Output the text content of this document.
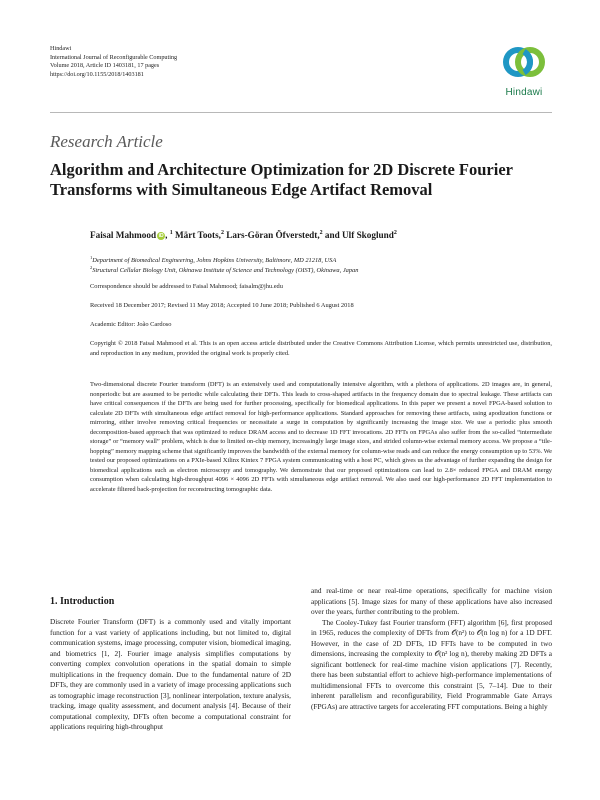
Hindawi
International Journal of Reconfigurable Computing
Volume 2018, Article ID 1403181, 17 pages
https://doi.org/10.1155/2018/1403181
Hindawi
Research Article
Algorithm and Architecture Optimization for 2D Discrete Fourier Transforms with Simultaneous Edge Artifact Removal
Faisal Mahmood iD , $^1$ Märt Toots,$^2$ Lars-Göran Öfverstedt,$^2$ and Ulf Skoglund$^2$
$^1$Department of Biomedical Engineering, Johns Hopkins University, Baltimore, MD 21218, USA
$^2$Structural Cellular Biology Unit, Okinawa Institute of Science and Technology (OIST), Okinawa, Japan
Correspondence should be addressed to Faisal Mahmood; faisalm@jhu.edu
Received 18 December 2017; Revised 11 May 2018; Accepted 10 June 2018; Published 6 August 2018
Academic Editor: João Cardoso
Copyright © 2018 Faisal Mahmood et al. This is an open access article distributed under the Creative Commons Attribution License, which permits unrestricted use, distribution, and reproduction in any medium, provided the original work is properly cited.
Two-dimensional discrete Fourier transform (DFT) is an extensively used and computationally intensive algorithm, with a plethora of applications. 2D images are, in general, nonperiodic but are assumed to be periodic while calculating their DFTs. This leads to cross-shaped artifacts in the frequency domain due to spectral leakage. These artifacts can have critical consequences if the DFTs are being used for further processing, specifically for biomedical applications. In this paper we present a novel FPGA-based solution to calculate 2D DFTs with simultaneous edge artifact removal for high-performance applications. Standard approaches for removing these artifacts, using apodization functions or mirroring, either involve removing critical frequencies or necessitate a surge in computation by significantly increasing the image size. We use a periodic plus smooth decomposition-based approach that was optimized to reduce DRAM access and to decrease 1D FFT invocations. 2D FFTs on FPGAs also suffer from the so-called “intermediate storage” or “memory wall” problem, which is due to limited on-chip memory, increasingly large image sizes, and strided column-wise external memory access. We propose a “tile-hopping” memory mapping scheme that significantly improves the bandwidth of the external memory for column-wise reads and can reduce the energy consumption up to 53%. We tested our proposed optimizations on a PXIe-based Xilinx Kintex 7 FPGA system communicating with a host PC, which gives us the advantage of further expanding the design for biomedical applications such as electron microscopy and tomography. We demonstrate that our proposed optimizations can lead to 2.8× reduced FPGA and DRAM energy consumption when calculating high-throughput 4096 × 4096 2D FFTs with simultaneous edge artifact removal. We also used our high-performance 2D FFT implementation to accelerate filtered back-projection for reconstructing tomographic data.
1. Introduction

Discrete Fourier Transform (DFT) is a commonly used and vitally important function for a vast variety of applications including, but not limited to, digital communication systems, image processing, computer vision, biomedical imaging, and biometrics [1, 2]. Fourier image analysis simplifies computations by converting complex convolution operations in the spatial domain to simple multiplications in the frequency domain. Due to the fundamental nature of 2D DFTs, they are commonly used in a variety of image processing applications such as tomographic image reconstruction [3], nonlinear interpolation, texture analysis, tracking, image quality assessment, and document analysis [4]. Because of their computational complexity, DFTs often become a computational constraint for applications requiring high-throughput

and real-time or near real-time operations, specifically for machine vision applications [5]. Image sizes for many of these applications have also increased over the years, further contributing to the problem.

The Cooley-Tukey fast Fourier transform (FFT) algorithm [6], first proposed in 1965, reduces the complexity of DFTs from 𝒪(n²) to 𝒪(n log n) for a 1D DFT. However, in the case of 2D DFTs, 1D FFTs have to be computed in two dimensions, increasing the complexity to 𝒪(n² log n), thereby making 2D DFTs a significant bottleneck for real-time machine vision applications [7]. Recently, there has been substantial effort to achieve high-performance implementations of multidimensional FFTs to overcome this constraint [5, 7–14]. Due to their inherent parallelism and reconfigurability, Field Programmable Gate Arrays (FPGAs) are attractive targets for accelerating FFT computations. Being a highly
